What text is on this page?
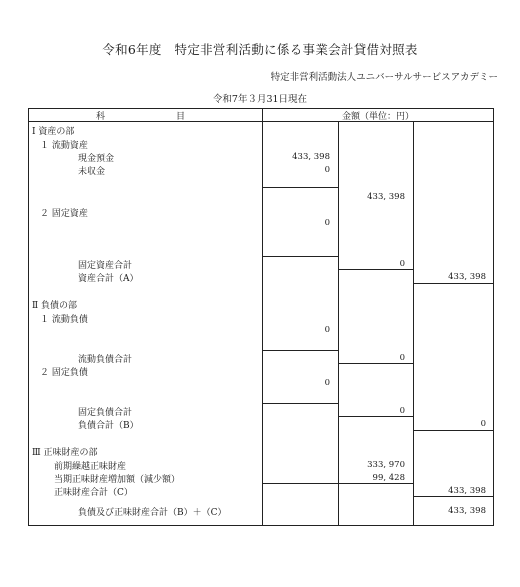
令和6年度　特定非営利活動に係る事業会計貸借対照表
特定非営利活動法人ユニバーサルサービスアカデミー
令和7年３月31日現在
科	目	金額（単位：円）
Ⅰ 資産の部
１ 流動資産
現金預金
未収金
２ 固定資産
固定資産合計
資産合計（A）
Ⅱ 負債の部
１ 流動負債
流動負債合計
２ 固定負債
固定負債合計
負債合計（B）
Ⅲ 正味財産の部
前期繰越正味財産
当期正味財産増加額（減少額）
正味財産合計（C）
負債及び正味財産合計（B）＋（C）
433, 398
0
0
0
0
433, 398
0
0
0
333, 970
99, 428
433, 398
0
433, 398
433, 398
